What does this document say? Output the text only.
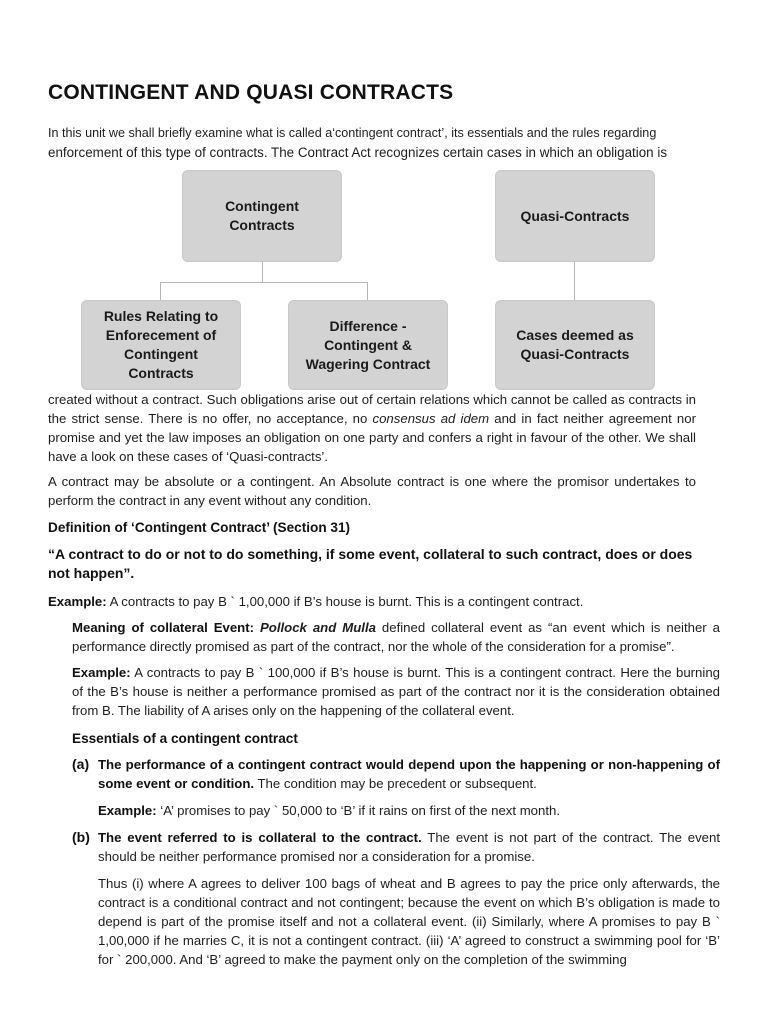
CONTINGENT AND QUASI CONTRACTS

In this unit we shall briefly examine what is called a‘contingent contract’, its essentials and the rules regarding

enforcement of this type of contracts. The Contract Act recognizes certain cases in which an obligation is

Contingent
Contracts
Quasi-Contracts
Rules Relating to
Enforecement of
Contingent
Contracts
Difference -
Contingent &
Wagering Contract
Cases deemed as
Quasi-Contracts

created without a contract. Such obligations arise out of certain relations which cannot be called as contracts in the strict sense. There is no offer, no acceptance, no consensus ad idem and in fact neither agreement nor promise and yet the law imposes an obligation on one party and confers a right in favour of the other. We shall have a look on these cases of ‘Quasi-contracts’.

A contract may be absolute or a contingent. An Absolute contract is one where the promisor undertakes to perform the contract in any event without any condition.

Definition of ‘Contingent Contract’ (Section 31)

“A contract to do or not to do something, if some event, collateral to such contract, does or does not happen”.

Example: A contracts to pay B ` 1,00,000 if B’s house is burnt. This is a contingent contract.

Meaning of collateral Event: Pollock and Mulla defined collateral event as “an event which is neither a performance directly promised as part of the contract, nor the whole of the consideration for a promise”.

Example: A contracts to pay B ` 100,000 if B’s house is burnt. This is a contingent contract. Here the burning of the B’s house is neither a performance promised as part of the contract nor it is the consideration obtained from B. The liability of A arises only on the happening of the collateral event.

Essentials of a contingent contract

(a) The performance of a contingent contract would depend upon the happening or non-happening of some event or condition. The condition may be precedent or subsequent.

Example: ‘A’ promises to pay ` 50,000 to ‘B’ if it rains on first of the next month.

(b) The event referred to is collateral to the contract. The event is not part of the contract. The event should be neither performance promised nor a consideration for a promise.

Thus (i) where A agrees to deliver 100 bags of wheat and B agrees to pay the price only afterwards, the contract is a conditional contract and not contingent; because the event on which B’s obligation is made to depend is part of the promise itself and not a collateral event. (ii) Similarly, where A promises to pay B ` 1,00,000 if he marries C, it is not a contingent contract. (iii) ‘A’ agreed to construct a swimming pool for ‘B’ for ` 200,000. And ‘B’ agreed to make the payment only on the completion of the swimming
